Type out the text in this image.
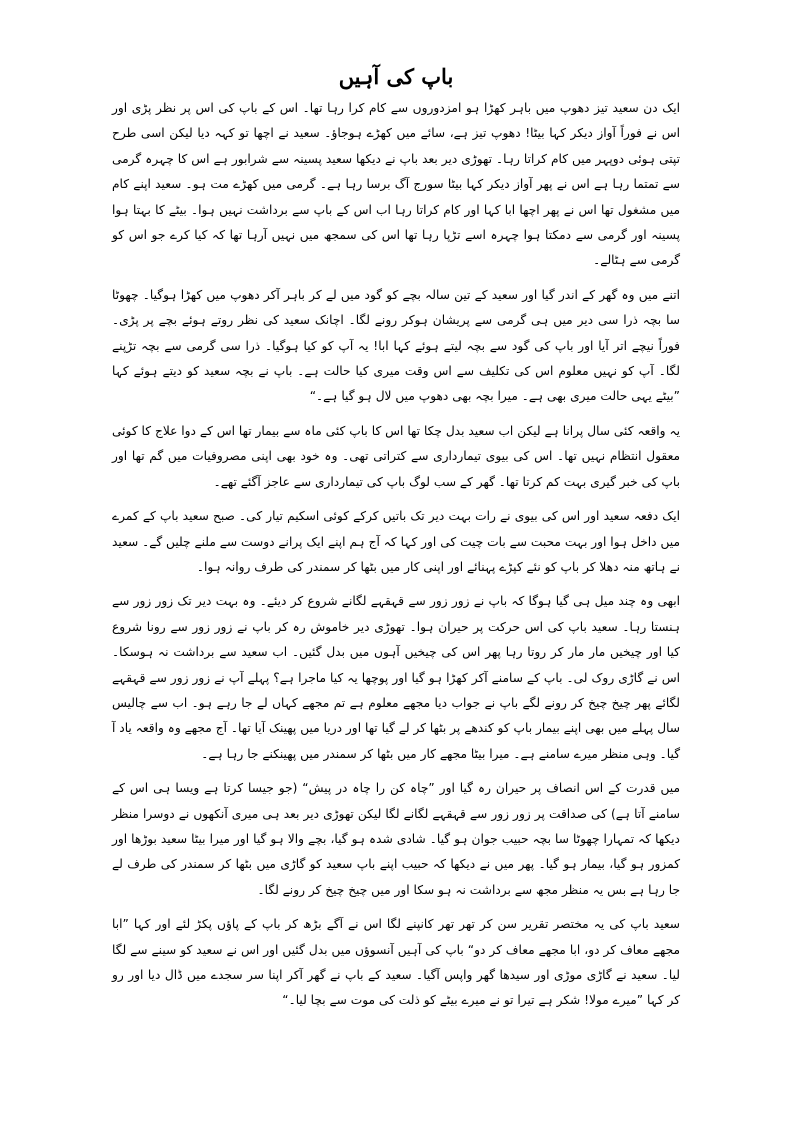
باپ کی آہیں

ایک دن سعید تیز دھوپ میں باہر کھڑا ہو امزدوروں سے کام کرا رہا تھا۔ اس کے باپ کی اس پر نظر پڑی اور اس نے فوراً آواز دیکر کہا بیٹا! دھوپ تیز ہے، سائے میں کھڑے ہوجاؤ۔ سعید نے اچھا تو کہہ دیا لیکن اسی طرح تپتی ہوئی دوپہر میں کام کراتا رہا۔ تھوڑی دیر بعد باپ نے دیکھا سعید پسینہ سے شرابور ہے اس کا چہرہ گرمی سے تمتما رہا ہے اس نے پھر آواز دیکر کہا بیٹا سورج آگ برسا رہا ہے۔ گرمی میں کھڑے مت ہو۔ سعید اپنے کام میں مشغول تھا اس نے پھر اچھا ابا کہا اور کام کراتا رہا اب اس کے باپ سے برداشت نہیں ہوا۔ بیٹے کا بہتا ہوا پسینہ اور گرمی سے دمکتا ہوا چہرہ اسے تڑپا رہا تھا اس کی سمجھ میں نہیں آرہا تھا کہ کیا کرے جو اس کو گرمی سے ہٹالے۔

اتنے میں وہ گھر کے اندر گیا اور سعید کے تین سالہ بچے کو گود میں لے کر باہر آکر دھوپ میں کھڑا ہوگیا۔ چھوٹا سا بچہ ذرا سی دیر میں ہی گرمی سے پریشان ہوکر رونے لگا۔ اچانک سعید کی نظر روتے ہوئے بچے پر پڑی۔ فوراً نیچے اتر آیا اور باپ کی گود سے بچہ لیتے ہوئے کہا ابا! یہ آپ کو کیا ہوگیا۔ ذرا سی گرمی سے بچہ تڑپنے لگا۔ آپ کو نہیں معلوم اس کی تکلیف سے اس وقت میری کیا حالت ہے۔ باپ نے بچہ سعید کو دیتے ہوئے کہا ”بیٹے یہی حالت میری بھی ہے۔ میرا بچہ بھی دھوپ میں لال ہو گیا ہے۔“

یہ واقعہ کئی سال پرانا ہے لیکن اب سعید بدل چکا تھا اس کا باپ کئی ماہ سے بیمار تھا اس کے دوا علاج کا کوئی معقول انتظام نہیں تھا۔ اس کی بیوی تیمارداری سے کتراتی تھی۔ وہ خود بھی اپنی مصروفیات میں گم تھا اور باپ کی خبر گیری بہت کم کرتا تھا۔ گھر کے سب لوگ باپ کی تیمارداری سے عاجز آگئے تھے۔

ایک دفعہ سعید اور اس کی بیوی نے رات بہت دیر تک باتیں کرکے کوئی اسکیم تیار کی۔ صبح سعید باپ کے کمرے میں داخل ہوا اور بہت محبت سے بات چیت کی اور کہا کہ آج ہم اپنے ایک پرانے دوست سے ملنے چلیں گے۔ سعید نے ہاتھ منہ دھلا کر باپ کو نئے کپڑے پہنائے اور اپنی کار میں بٹھا کر سمندر کی طرف روانہ ہوا۔

ابھی وہ چند میل ہی گیا ہوگا کہ باپ نے زور زور سے قہقہے لگانے شروع کر دیئے۔ وہ بہت دیر تک زور زور سے ہنستا رہا۔ سعید باپ کی اس حرکت پر حیران ہوا۔ تھوڑی دیر خاموش رہ کر باپ نے زور زور سے رونا شروع کیا اور چیخیں مار مار کر روتا رہا پھر اس کی چیخیں آہوں میں بدل گئیں۔ اب سعید سے برداشت نہ ہوسکا۔ اس نے گاڑی روک لی۔ باپ کے سامنے آکر کھڑا ہو گیا اور پوچھا یہ کیا ماجرا ہے؟ پہلے آپ نے زور زور سے قہقہے لگائے پھر چیخ چیخ کر رونے لگے باپ نے جواب دیا مجھے معلوم ہے تم مجھے کہاں لے جا رہے ہو۔ اب سے چالیس سال پہلے میں بھی اپنے بیمار باپ کو کندھے پر بٹھا کر لے گیا تھا اور دریا میں پھینک آیا تھا۔ آج مجھے وہ واقعہ یاد آ گیا۔ وہی منظر میرے سامنے ہے۔ میرا بیٹا مجھے کار میں بٹھا کر سمندر میں پھینکنے جا رہا ہے۔

میں قدرت کے اس انصاف پر حیران رہ گیا اور ”چاہ کن را چاہ در پیش“ (جو جیسا کرتا ہے ویسا ہی اس کے سامنے آتا ہے) کی صداقت پر زور زور سے قہقہے لگانے لگا لیکن تھوڑی دیر بعد ہی میری آنکھوں نے دوسرا منظر دیکھا کہ تمہارا چھوٹا سا بچہ حبیب جوان ہو گیا۔ شادی شدہ ہو گیا، بچے والا ہو گیا اور میرا بیٹا سعید بوڑھا اور کمزور ہو گیا، بیمار ہو گیا۔ پھر میں نے دیکھا کہ حبیب اپنے باپ سعید کو گاڑی میں بٹھا کر سمندر کی طرف لے جا رہا ہے بس یہ منظر مجھ سے برداشت نہ ہو سکا اور میں چیخ چیخ کر رونے لگا۔

سعید باپ کی یہ مختصر تقریر سن کر تھر تھر کانپنے لگا اس نے آگے بڑھ کر باپ کے پاؤں پکڑ لئے اور کہا ”ابا مجھے معاف کر دو، ابا مجھے معاف کر دو“ باپ کی آہیں آنسوؤں میں بدل گئیں اور اس نے سعید کو سینے سے لگا لیا۔ سعید نے گاڑی موڑی اور سیدھا گھر واپس آگیا۔ سعید کے باپ نے گھر آکر اپنا سر سجدے میں ڈال دیا اور رو کر کہا ”میرے مولا! شکر ہے تیرا تو نے میرے بیٹے کو ذلت کی موت سے بچا لیا۔“
